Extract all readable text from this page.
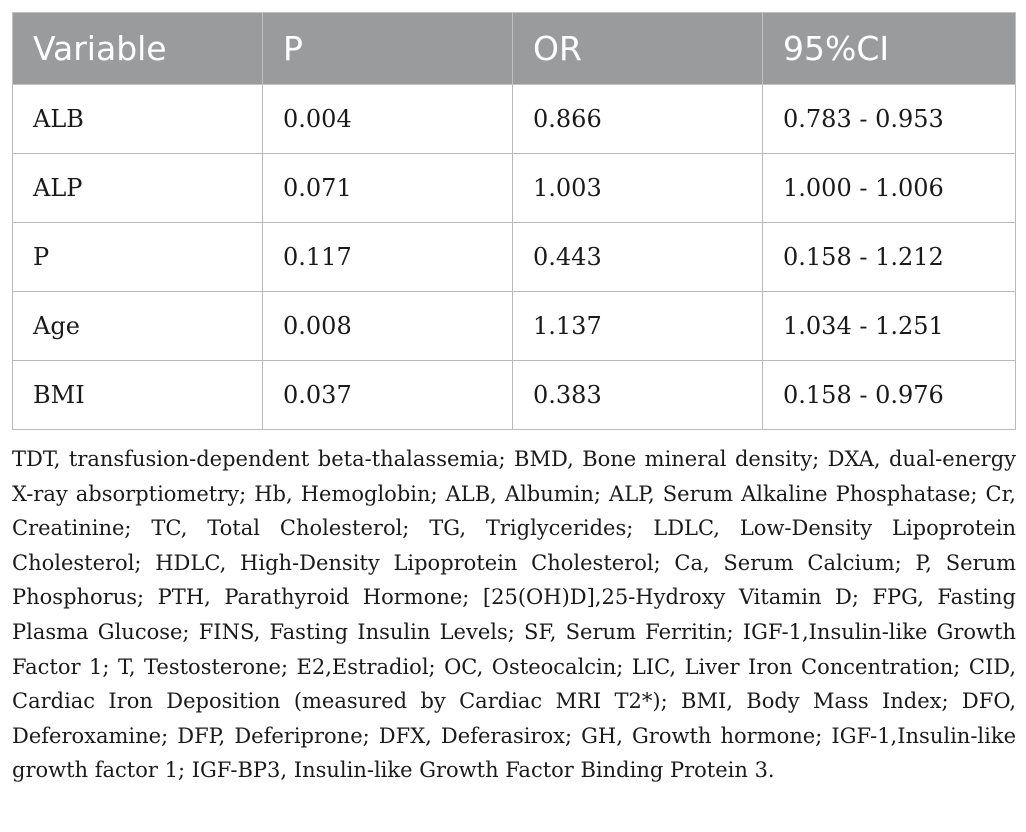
Variable	P	OR	95%CI
ALB	0.004	0.866	0.783 - 0.953
ALP	0.071	1.003	1.000 - 1.006
P	0.117	0.443	0.158 - 1.212
Age	0.008	1.137	1.034 - 1.251
BMI	0.037	0.383	0.158 - 0.976

TDT, transfusion-dependent beta-thalassemia; BMD, Bone mineral density; DXA, dual-energy X-ray absorptiometry; Hb, Hemoglobin; ALB, Albumin; ALP, Serum Alkaline Phosphatase; Cr, Creatinine; TC, Total Cholesterol; TG, Triglycerides; LDLC, Low-Density Lipoprotein Cholesterol; HDLC, High-Density Lipoprotein Cholesterol; Ca, Serum Calcium; P, Serum Phosphorus; PTH, Parathyroid Hormone; [25(OH)D],25-Hydroxy Vitamin D; FPG, Fasting Plasma Glucose; FINS, Fasting Insulin Levels; SF, Serum Ferritin; IGF-1,Insulin-like Growth Factor 1; T, Testosterone; E2,Estradiol; OC, Osteocalcin; LIC, Liver Iron Concentration; CID, Cardiac Iron Deposition (measured by Cardiac MRI T2*); BMI, Body Mass Index; DFO, Deferoxamine; DFP, Deferiprone; DFX, Deferasirox; GH, Growth hormone; IGF-1,Insulin-like growth factor 1; IGF-BP3, Insulin-like Growth Factor Binding Protein 3.
